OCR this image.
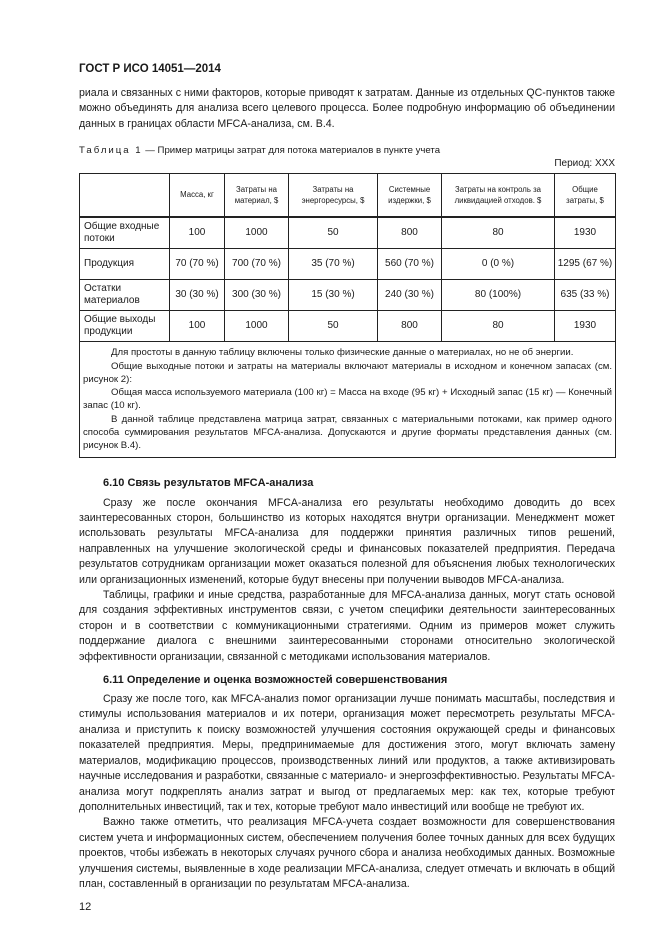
ГОСТ Р ИСО 14051—2014

риала и связанных с ними факторов, которые приводят к затратам. Данные из отдельных QC-пунктов также можно объединять для анализа всего целевого процесса. Более подробную информацию об объединении данных в границах области MFCA-анализа, см. В.4.

Таблица 1 — Пример матрицы затрат для потока материалов в пункте учета
Период: XXX
	Масса, кг	Затраты на материал, $	Затраты на энергоресурсы, $	Системные издержки, $	Затраты на контроль за ликвидацией отходов. $	Общие затраты, $
Общие входные потоки	100	1000	50	800	80	1930
Продукция	70 (70 %)	700 (70 %)	35 (70 %)	560 (70 %)	0 (0 %)	1295 (67 %)
Остатки материалов	30 (30 %)	300 (30 %)	15 (30 %)	240 (30 %)	80 (100%)	635 (33 %)
Общие выходы продукции	100	1000	50	800	80	1930

Для простоты в данную таблицу включены только физические данные о материалах, но не об энергии.

Общие выходные потоки и затраты на материалы включают материалы в исходном и конечном запасах (см. рисунок 2):

Общая масса используемого материала (100 кг) = Масса на входе (95 кг) + Исходный запас (15 кг) — Конечный запас (10 кг).

В данной таблице представлена матрица затрат, связанных с материальными потоками, как пример одного способа суммирования результатов MFCA-анализа. Допускаются и другие форматы представления данных (см. рисунок В.4).						

6.10 Связь результатов MFCA-анализа

Сразу же после окончания MFCA-анализа его результаты необходимо доводить до всех заинтересованных сторон, большинство из которых находятся внутри организации. Менеджмент может использовать результаты MFCA-анализа для поддержки принятия различных типов решений, направленных на улучшение экологической среды и финансовых показателей предприятия. Передача результатов сотрудникам организации может оказаться полезной для объяснения любых технологических или организационных изменений, которые будут внесены при получении выводов MFCA-анализа.

Таблицы, графики и иные средства, разработанные для MFCA-анализа данных, могут стать основой для создания эффективных инструментов связи, с учетом специфики деятельности заинтересованных сторон и в соответствии с коммуникационными стратегиями. Одним из примеров может служить поддержание диалога с внешними заинтересованными сторонами относительно экологической эффективности организации, связанной с методиками использования материалов.

6.11 Определение и оценка возможностей совершенствования

Сразу же после того, как MFCA-анализ помог организации лучше понимать масштабы, последствия и стимулы использования материалов и их потери, организация может пересмотреть результаты MFCA-анализа и приступить к поиску возможностей улучшения состояния окружающей среды и финансовых показателей предприятия. Меры, предпринимаемые для достижения этого, могут включать замену материалов, модификацию процессов, производственных линий или продуктов, а также активизировать научные исследования и разработки, связанные с материало- и энергоэффективностью. Результаты MFCA-анализа могут подкреплять анализ затрат и выгод от предлагаемых мер: как тех, которые требуют дополнительных инвестиций, так и тех, которые требуют мало инвестиций или вообще не требуют их.

Важно также отметить, что реализация MFCA-учета создает возможности для совершенствования систем учета и информационных систем, обеспечением получения более точных данных для всех будущих проектов, чтобы избежать в некоторых случаях ручного сбора и анализа необходимых данных. Возможные улучшения системы, выявленные в ходе реализации MFCA-анализа, следует отмечать и включать в общий план, составленный в организации по результатам MFCA-анализа.

12
